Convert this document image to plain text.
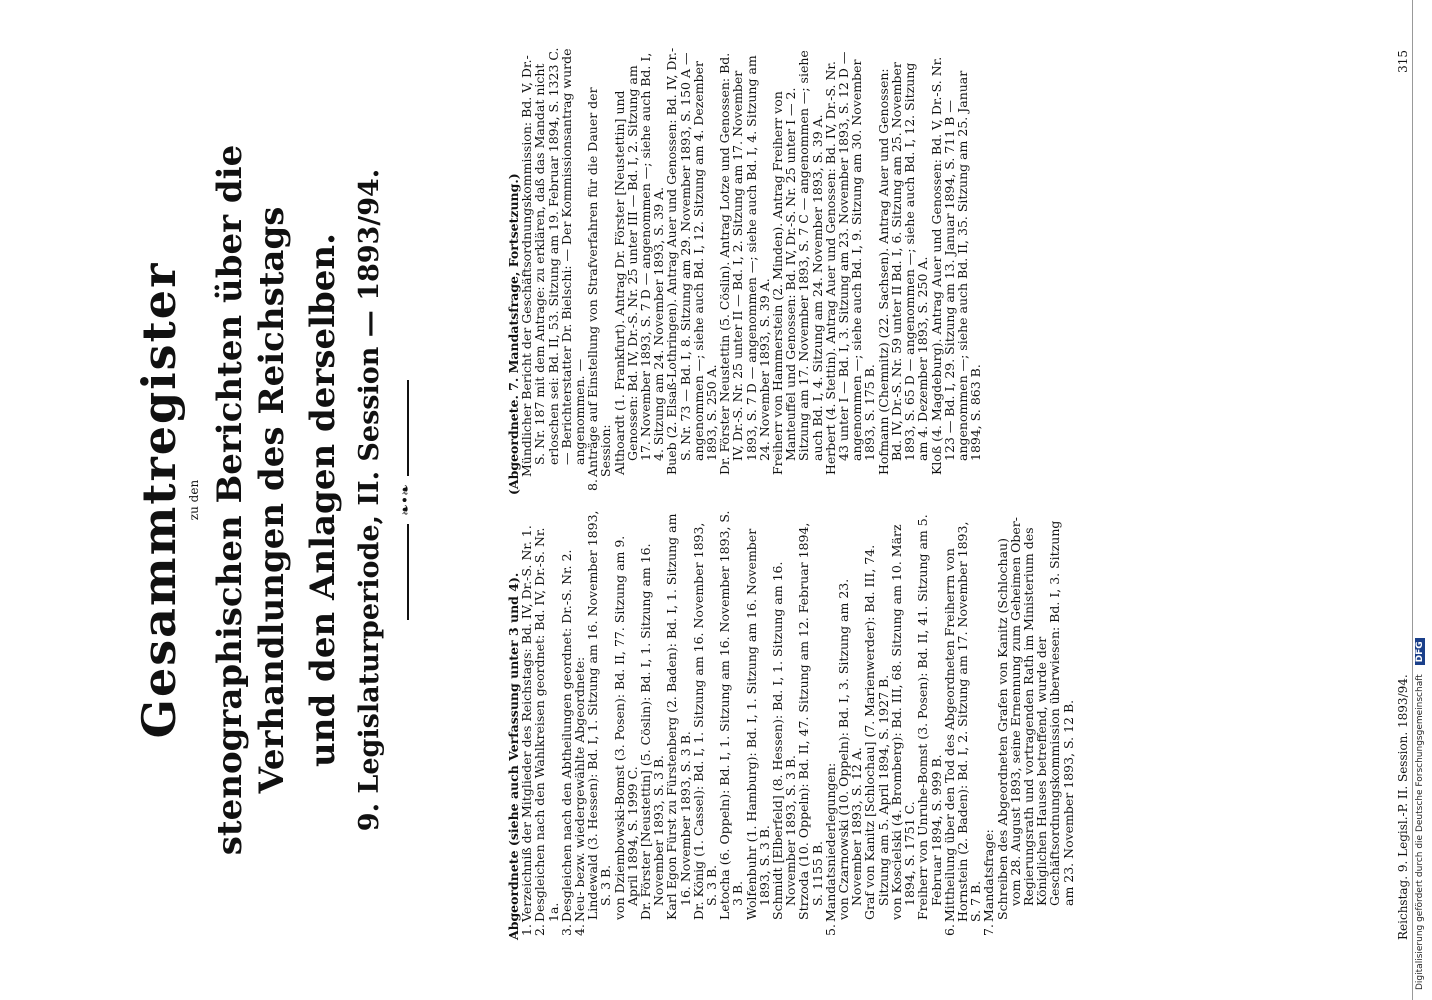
Gesammtregister zu den stenographischen Berichten über die Verhandlungen des Reichstags und den Anlagen derselben. 9. Legislaturperiode, II. Session — 1893/94. ❧•❧

Abgeordnete (siehe auch Verfassung unter 3 und 4).

1.
Verzeichniß der Mitglieder des Reichstags: Bd. IV, Dr.-S. Nr. 1.
2.
Desgleichen nach den Wahlkreisen geordnet: Bd. IV, Dr.-S. Nr. 1a.
3.
Desgleichen nach den Abtheilungen geordnet: Dr.-S. Nr. 2.
4.
Neu- bezw. wiedergewählte Abgeordnete:

Lindewald (3. Hessen): Bd. I, 1. Sitzung am 16. November 1893, S. 3 B.

von Dziembowski-Bomst (3. Posen): Bd. II, 77. Sitzung am 9. April 1894, S. 1999 C.

Dr. Förster [Neustettin] (5. Cöslin): Bd. I, 1. Sitzung am 16. November 1893, S. 3 B.

Karl Egon Fürst zu Fürstenberg (2. Baden): Bd. I, 1. Sitzung am 16. November 1893, S. 3 B.

Dr. König (1. Cassel): Bd. I, 1. Sitzung am 16. November 1893, S. 3 B.

Letocha (6. Oppeln): Bd. I, 1. Sitzung am 16. November 1893, S. 3 B.

Wolfenbuhr (1. Hamburg): Bd. I, 1. Sitzung am 16. November 1893, S. 3 B.

Schmidt [Elberfeld] (8. Hessen): Bd. I, 1. Sitzung am 16. November 1893, S. 3 B.

Strzoda (10. Oppeln): Bd. II, 47. Sitzung am 12. Februar 1894, S. 1155 B.

5.
Mandatsniederlegungen:

von Czarnowski (10. Oppeln): Bd. I, 3. Sitzung am 23. November 1893, S. 12 A.

Graf von Kanitz [Schlochau] (7. Marienwerder): Bd. III, 74. Sitzung am 5. April 1894, S. 1927 B.

von Koscielski (4. Bromberg): Bd. III, 68. Sitzung am 10. März 1894, S. 1751 C.

Freiherr von Unruhe-Bomst (3. Posen): Bd. II, 41. Sitzung am 5. Februar 1894, S. 999 B.

6.
Mittheilung über den Tod des Abgeordneten Freiherrn von Hornstein (2. Baden): Bd. I, 2. Sitzung am 17. November 1893, S. 7 B.
7.
Mandatsfrage:

Schreiben des Abgeordneten Grafen von Kanitz (Schlochau) vom 28. August 1893, seine Ernennung zum Geheimen Ober-Regierungsrath und vortragenden Rath im Ministerium des Königlichen Hauses betreffend, wurde der Geschäftsordnungskommission überwiesen: Bd. I, 3. Sitzung am 23. November 1893, S. 12 B.

(Abgeordnete. 7. Mandatsfrage, Fortsetzung.)

Mündlicher Bericht der Geschäftsordnungskommission: Bd. V, Dr.-S. Nr. 187 mit dem Antrage: zu erklären, daß das Mandat nicht erloschen sei: Bd. II, 53. Sitzung am 19. Februar 1894, S. 1323 C. — Berichterstatter Dr. Bielschi: — Der Kommissionsantrag wurde angenommen. —

8.
Anträge auf Einstellung von Strafverfahren für die Dauer der Session:

Althoardt (1. Frankfurt). Antrag Dr. Förster [Neustettin] und Genossen: Bd. IV, Dr.-S. Nr. 25 unter III — Bd. I, 2. Sitzung am 17. November 1893, S. 7 D — angenommen —; siehe auch Bd. I, 4. Sitzung am 24. November 1893, S. 39 A.

Bueb (2. Elsaß-Lothringen). Antrag Auer und Genossen: Bd. IV, Dr.-S. Nr. 73 — Bd. I, 8. Sitzung am 29. November 1893, S. 150 A — angenommen —; siehe auch Bd. I, 12. Sitzung am 4. Dezember 1893, S. 250 A.

Dr. Förster Neustettin (5. Cöslin). Antrag Lotze und Genossen: Bd. IV, Dr.-S. Nr. 25 unter II — Bd. I, 2. Sitzung am 17. November 1893, S. 7 D — angenommen —; siehe auch Bd. I, 4. Sitzung am 24. November 1893, S. 39 A.

Freiherr von Hammerstein (2. Minden). Antrag Freiherr von Manteuffel und Genossen: Bd. IV, Dr.-S. Nr. 25 unter I — 2. Sitzung am 17. November 1893, S. 7 C — angenommen —; siehe auch Bd. I, 4. Sitzung am 24. November 1893, S. 39 A.

Herbert (4. Stettin). Antrag Auer und Genossen: Bd. IV, Dr.-S. Nr. 43 unter I — Bd. I, 3. Sitzung am 23. November 1893, S. 12 D — angenommen —; siehe auch Bd. I, 9. Sitzung am 30. November 1893, S. 175 B.

Hofmann (Chemnitz) (22. Sachsen). Antrag Auer und Genossen: Bd. IV, Dr.-S. Nr. 59 unter II Bd. I, 6. Sitzung am 25. November 1893, S. 65 D — angenommen —; siehe auch Bd. I, 12. Sitzung am 4. Dezember 1893, S. 250 A.

Kloß (4. Magdeburg). Antrag Auer und Genossen: Bd. V, Dr.-S. Nr. 123 — Bd. I, 29. Sitzung am 13. Januar 1894, S. 711 B — angenommen —; siehe auch Bd. II, 35. Sitzung am 25. Januar 1894, S. 863 B.

Reichstag. 9. Legisl.-P. II. Session. 1893/94.
315
Digitalisierung gefördert durch die Deutsche Forschungsgemeinschaft DFG
